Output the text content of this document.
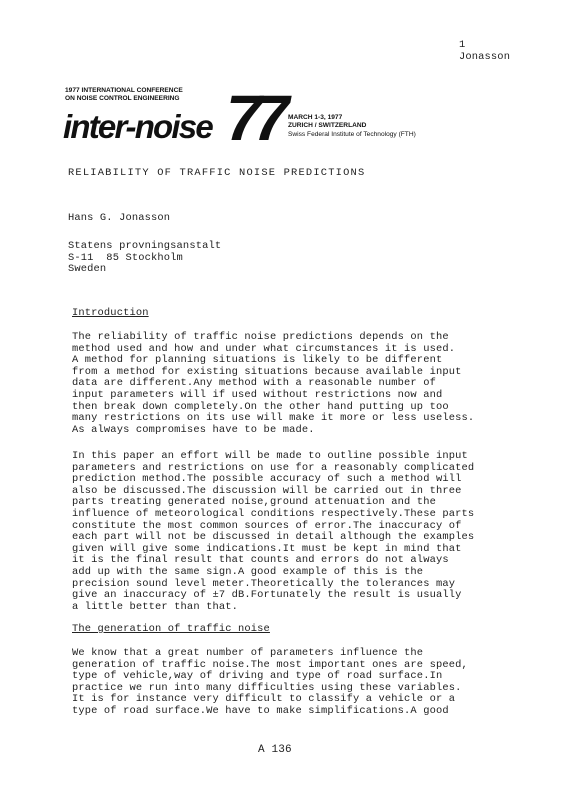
1
Jonasson
1977 INTERNATIONAL CONFERENCE
ON NOISE CONTROL ENGINEERING
inter-noise 77 MARCH 1-3, 1977
ZURICH / SWITZERLAND
Swiss Federal Institute of Technology (FTH)
RELIABILITY OF TRAFFIC NOISE PREDICTIONS
Hans G. Jonasson
Statens provningsanstalt
S-11  85 Stockholm
Sweden
Introduction
The reliability of traffic noise predictions depends on the
method used and how and under what circumstances it is used.
A method for planning situations is likely to be different
from a method for existing situations because available input
data are different.Any method with a reasonable number of
input parameters will if used without restrictions now and
then break down completely.On the other hand putting up too
many restrictions on its use will make it more or less useless.
As always compromises have to be made.
In this paper an effort will be made to outline possible input
parameters and restrictions on use for a reasonably complicated
prediction method.The possible accuracy of such a method will
also be discussed.The discussion will be carried out in three
parts treating generated noise,ground attenuation and the
influence of meteorological conditions respectively.These parts
constitute the most common sources of error.The inaccuracy of
each part will not be discussed in detail although the examples
given will give some indications.It must be kept in mind that
it is the final result that counts and errors do not always
add up with the same sign.A good example of this is the
precision sound level meter.Theoretically the tolerances may
give an inaccuracy of ±7 dB.Fortunately the result is usually
a little better than that.
The generation of traffic noise
We know that a great number of parameters influence the
generation of traffic noise.The most important ones are speed,
type of vehicle,way of driving and type of road surface.In
practice we run into many difficulties using these variables.
It is for instance very difficult to classify a vehicle or a
type of road surface.We have to make simplifications.A good
A 136
